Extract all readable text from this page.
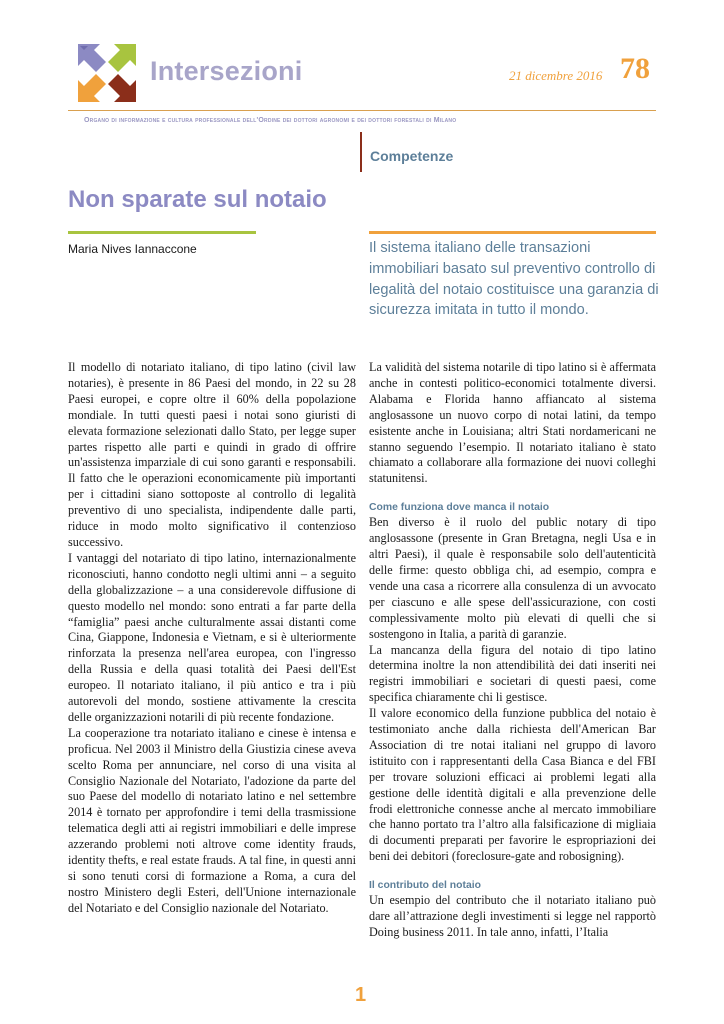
Intersezioni	21 dicembre 2016 78
Organo di informazione e cultura professionale dell'Ordine dei dottori agronomi e dei dottori forestali di Milano
Competenze
Non sparate sul notaio
Maria Nives Iannaccone	Il sistema italiano delle transazioni immobiliari basato sul preventivo controllo di legalità del notaio costituisce una garanzia di sicurezza imitata in tutto il mondo.

Il modello di notariato italiano, di tipo latino (civil law notaries), è presente in 86 Paesi del mondo, in 22 su 28 Paesi europei, e copre oltre il 60% della popolazione mondiale. In tutti questi paesi i notai sono giuristi di elevata formazione selezionati dallo Stato, per legge super partes rispetto alle parti e quindi in grado di offrire un'assistenza imparziale di cui sono garanti e responsabili. Il fatto che le operazioni economicamente più importanti per i cittadini siano sottoposte al controllo di legalità preventivo di uno specialista, indipendente dalle parti, riduce in modo molto significativo il contenzioso successivo.

I vantaggi del notariato di tipo latino, internazionalmente riconosciuti, hanno condotto negli ultimi anni – a seguito della globalizzazione – a una considerevole diffusione di questo modello nel mondo: sono entrati a far parte della “famiglia” paesi anche culturalmente assai distanti come Cina, Giappone, Indonesia e Vietnam, e si è ulteriormente rinforzata la presenza nell'area europea, con l'ingresso della Russia e della quasi totalità dei Paesi dell'Est europeo. Il notariato italiano, il più antico e tra i più autorevoli del mondo, sostiene attivamente la crescita delle organizzazioni notarili di più recente fondazione.

La cooperazione tra notariato italiano e cinese è intensa e proficua. Nel 2003 il Ministro della Giustizia cinese aveva scelto Roma per annunciare, nel corso di una visita al Consiglio Nazionale del Notariato, l'adozione da parte del suo Paese del modello di notariato latino e nel settembre 2014 è tornato per approfondire i temi della trasmissione telematica degli atti ai registri immobiliari e delle imprese azzerando problemi noti altrove come identity frauds, identity thefts, e real estate frauds. A tal fine, in questi anni si sono tenuti corsi di formazione a Roma, a cura del nostro Ministero degli Esteri, dell'Unione internazionale del Notariato e del Consiglio nazionale del Notariato.

La validità del sistema notarile di tipo latino si è affermata anche in contesti politico-economici totalmente diversi. Alabama e Florida hanno affiancato al sistema anglosassone un nuovo corpo di notai latini, da tempo esistente anche in Louisiana; altri Stati nordamericani ne stanno seguendo l’esempio. Il notariato italiano è stato chiamato a collaborare alla formazione dei nuovi colleghi statunitensi.

Come funziona dove manca il notaio

Ben diverso è il ruolo del public notary di tipo anglosassone (presente in Gran Bretagna, negli Usa e in altri Paesi), il quale è responsabile solo dell'autenticità delle firme: questo obbliga chi, ad esempio, compra e vende una casa a ricorrere alla consulenza di un avvocato per ciascuno e alle spese dell'assicurazione, con costi complessivamente molto più elevati di quelli che si sostengono in Italia, a parità di garanzie.

La mancanza della figura del notaio di tipo latino determina inoltre la non attendibilità dei dati inseriti nei registri immobiliari e societari di questi paesi, come specifica chiaramente chi li gestisce.

Il valore economico della funzione pubblica del notaio è testimoniato anche dalla richiesta dell'American Bar Association di tre notai italiani nel gruppo di lavoro istituito con i rappresentanti della Casa Bianca e del FBI per trovare soluzioni efficaci ai problemi legati alla gestione delle identità digitali e alla prevenzione delle frodi elettroniche connesse anche al mercato immobiliare che hanno portato tra l’altro alla falsificazione di migliaia di documenti preparati per favorire le espropriazioni dei beni dei debitori (foreclosure-gate and robosigning).

Il contributo del notaio

Un esempio del contributo che il notariato italiano può dare all’attrazione degli investimenti si legge nel rapportò Doing business 2011. In tale anno, infatti, l’Italia

1
